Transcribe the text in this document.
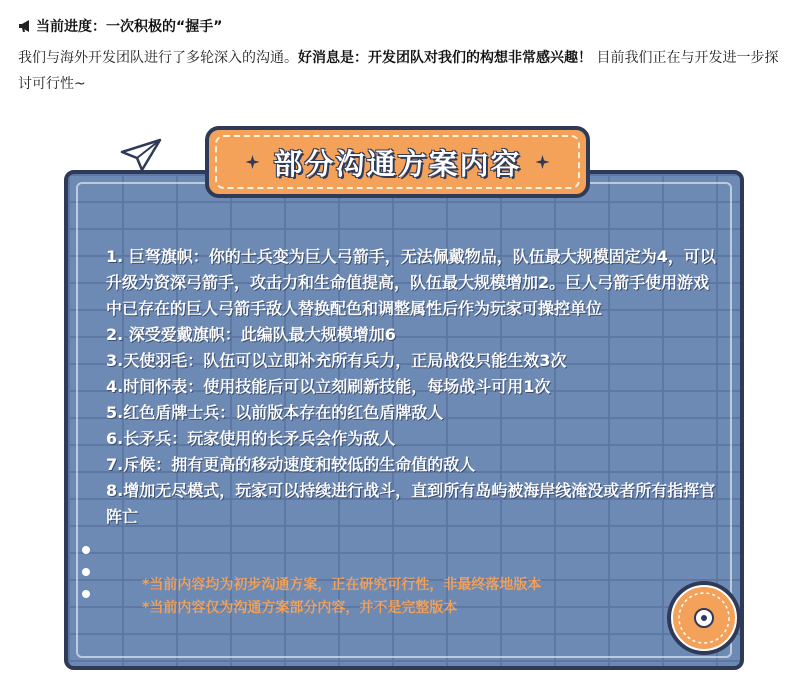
当前进度：一次积极的“握手”
我们与海外开发团队进行了多轮深入的沟通。好消息是：开发团队对我们的构想非常感兴趣！ 目前我们正在与开发进一步探讨可行性~
部分沟通方案内容

1. 巨弩旗帜：你的士兵变为巨人弓箭手，无法佩戴物品，队伍最大规模固定为4，可以升级为资深弓箭手，攻击力和生命值提高，队伍最大规模增加2。巨人弓箭手使用游戏中已存在的巨人弓箭手敌人替换配色和调整属性后作为玩家可操控单位

2. 深受爱戴旗帜：此编队最大规模增加6

3.天使羽毛：队伍可以立即补充所有兵力，正局战役只能生效3次

4.时间怀表：使用技能后可以立刻刷新技能，每场战斗可用1次

5.红色盾牌士兵：以前版本存在的红色盾牌敌人

6.长矛兵：玩家使用的长矛兵会作为敌人

7.斥候：拥有更高的移动速度和较低的生命值的敌人

8.增加无尽模式，玩家可以持续进行战斗，直到所有岛屿被海岸线淹没或者所有指挥官阵亡

*当前内容均为初步沟通方案，正在研究可行性，非最终落地版本

*当前内容仅为沟通方案部分内容，并不是完整版本
